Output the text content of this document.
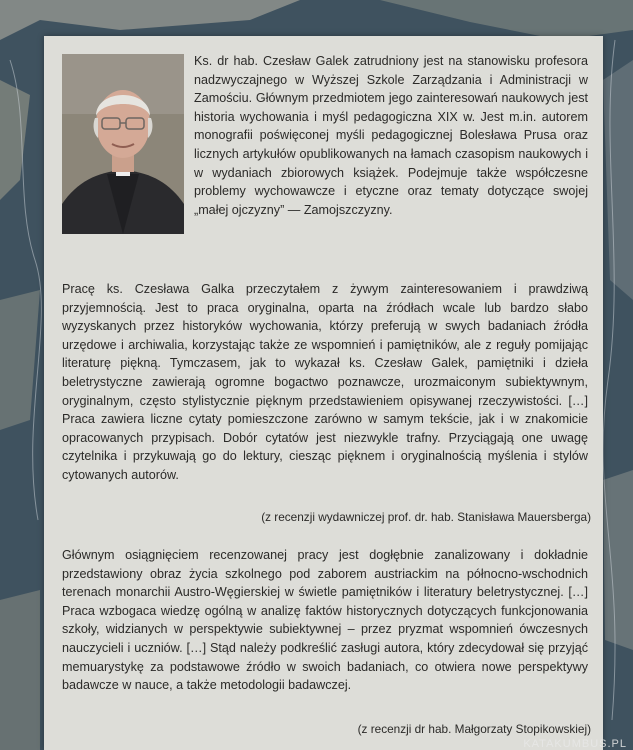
Ks. dr hab. Czesław Galek zatrudniony jest na stanowisku profesora nadzwyczajnego w Wyższej Szkole Zarządzania i Administracji w Zamościu. Głównym przedmiotem jego zainteresowań naukowych jest historia wychowania i myśl pedagogiczna XIX w. Jest m.in. autorem monografii poświęconej myśli pedagogicznej Bolesława Prusa oraz licznych artykułów opublikowanych na łamach czasopism naukowych i w wydaniach zbiorowych książek. Podejmuje także współczesne problemy wychowawcze i etyczne oraz tematy dotyczące swojej „małej ojczyzny” — Zamojszczyzny.

Pracę ks. Czesława Galka przeczytałem z żywym zainteresowaniem i prawdziwą przyjemnością. Jest to praca oryginalna, oparta na źródłach wcale lub bardzo słabo wyzyskanych przez historyków wychowania, którzy preferują w swych badaniach źródła urzędowe i archiwalia, korzystając także ze wspomnień i pamiętników, ale z reguły pomijając literaturę piękną. Tymczasem, jak to wykazał ks. Czesław Galek, pamiętniki i dzieła beletrystyczne zawierają ogromne bogactwo poznawcze, urozmaiconym subiektywnym, oryginalnym, często stylistycznie pięknym przedstawieniem opisywanej rzeczywistości. […] Praca zawiera liczne cytaty pomieszczone zarówno w samym tekście, jak i w znakomicie opracowanych przypisach. Dobór cytatów jest niezwykle trafny. Przyciągają one uwagę czytelnika i przykuwają go do lektury, ciesząc pięknem i oryginalnością myślenia i stylów cytowanych autorów.

(z recenzji wydawniczej prof. dr. hab. Stanisława Mauersberga)

Głównym osiągnięciem recenzowanej pracy jest dogłębnie zanalizowany i dokładnie przedstawiony obraz życia szkolnego pod zaborem austriackim na północno-wschodnich terenach monarchii Austro-Węgierskiej w świetle pamiętników i literatury beletrystycznej. […] Praca wzbogaca wiedzę ogólną w analizę faktów historycznych dotyczących funkcjonowania szkoły, widzianych w perspektywie subiektywnej – przez pryzmat wspomnień ówczesnych nauczycieli i uczniów. […] Stąd należy podkreślić zasługi autora, który zdecydował się przyjąć memuarystykę za podstawowe źródło w swoich badaniach, co otwiera nowe perspektywy badawcze w nauce, a także metodologii badawczej.

(z recenzji dr hab. Małgorzaty Stopikowskiej)
KATAKUMBUS.PL
